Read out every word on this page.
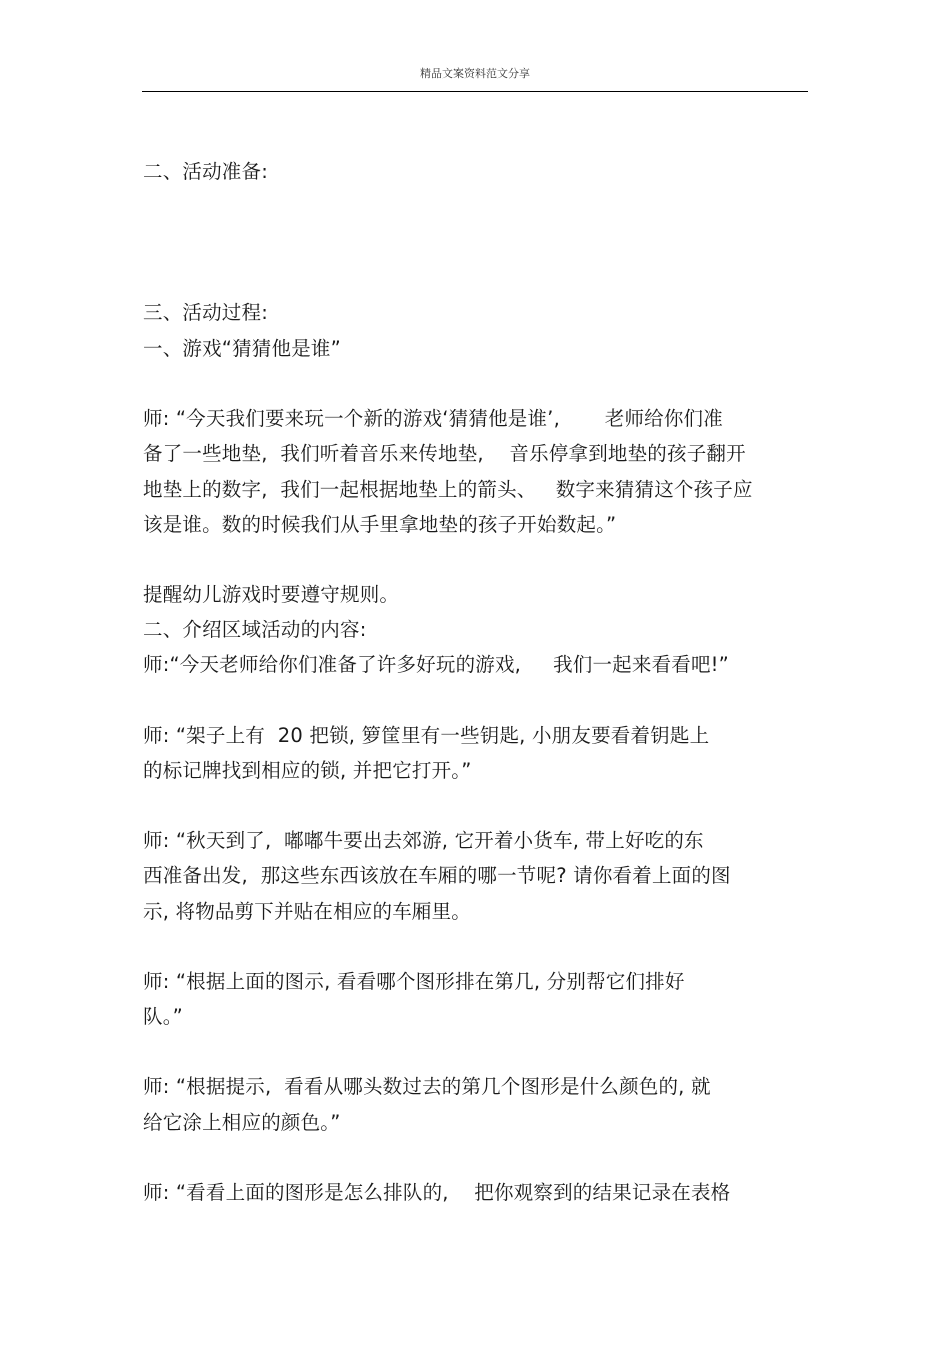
精品文案资料范文分享
二、活动准备:
三、活动过程:
一、游戏“猜猜他是谁”
师: “今天我们要来玩一个新的游戏‘猜猜他是谁’,       老师给你们准
备了一些地垫,  我们听着音乐来传地垫,    音乐停拿到地垫的孩子翻开
地垫上的数字,  我们一起根据地垫上的箭头、   数字来猜猜这个孩子应
该是谁。数的时候我们从手里拿地垫的孩子开始数起。”
提醒幼儿游戏时要遵守规则。
二、介绍区域活动的内容:
师:“今天老师给你们准备了许多好玩的游戏,     我们一起来看看吧!”
师: “架子上有  20 把锁, 箩筐里有一些钥匙, 小朋友要看着钥匙上
的标记牌找到相应的锁, 并把它打开。”
师: “秋天到了,  嘟嘟牛要出去郊游, 它开着小货车, 带上好吃的东
西准备出发,  那这些东西该放在车厢的哪一节呢? 请你看着上面的图
示, 将物品剪下并贴在相应的车厢里。
师: “根据上面的图示, 看看哪个图形排在第几, 分别帮它们排好
队。”
师: “根据提示,  看看从哪头数过去的第几个图形是什么颜色的, 就
给它涂上相应的颜色。”
师: “看看上面的图形是怎么排队的,    把你观察到的结果记录在表格
